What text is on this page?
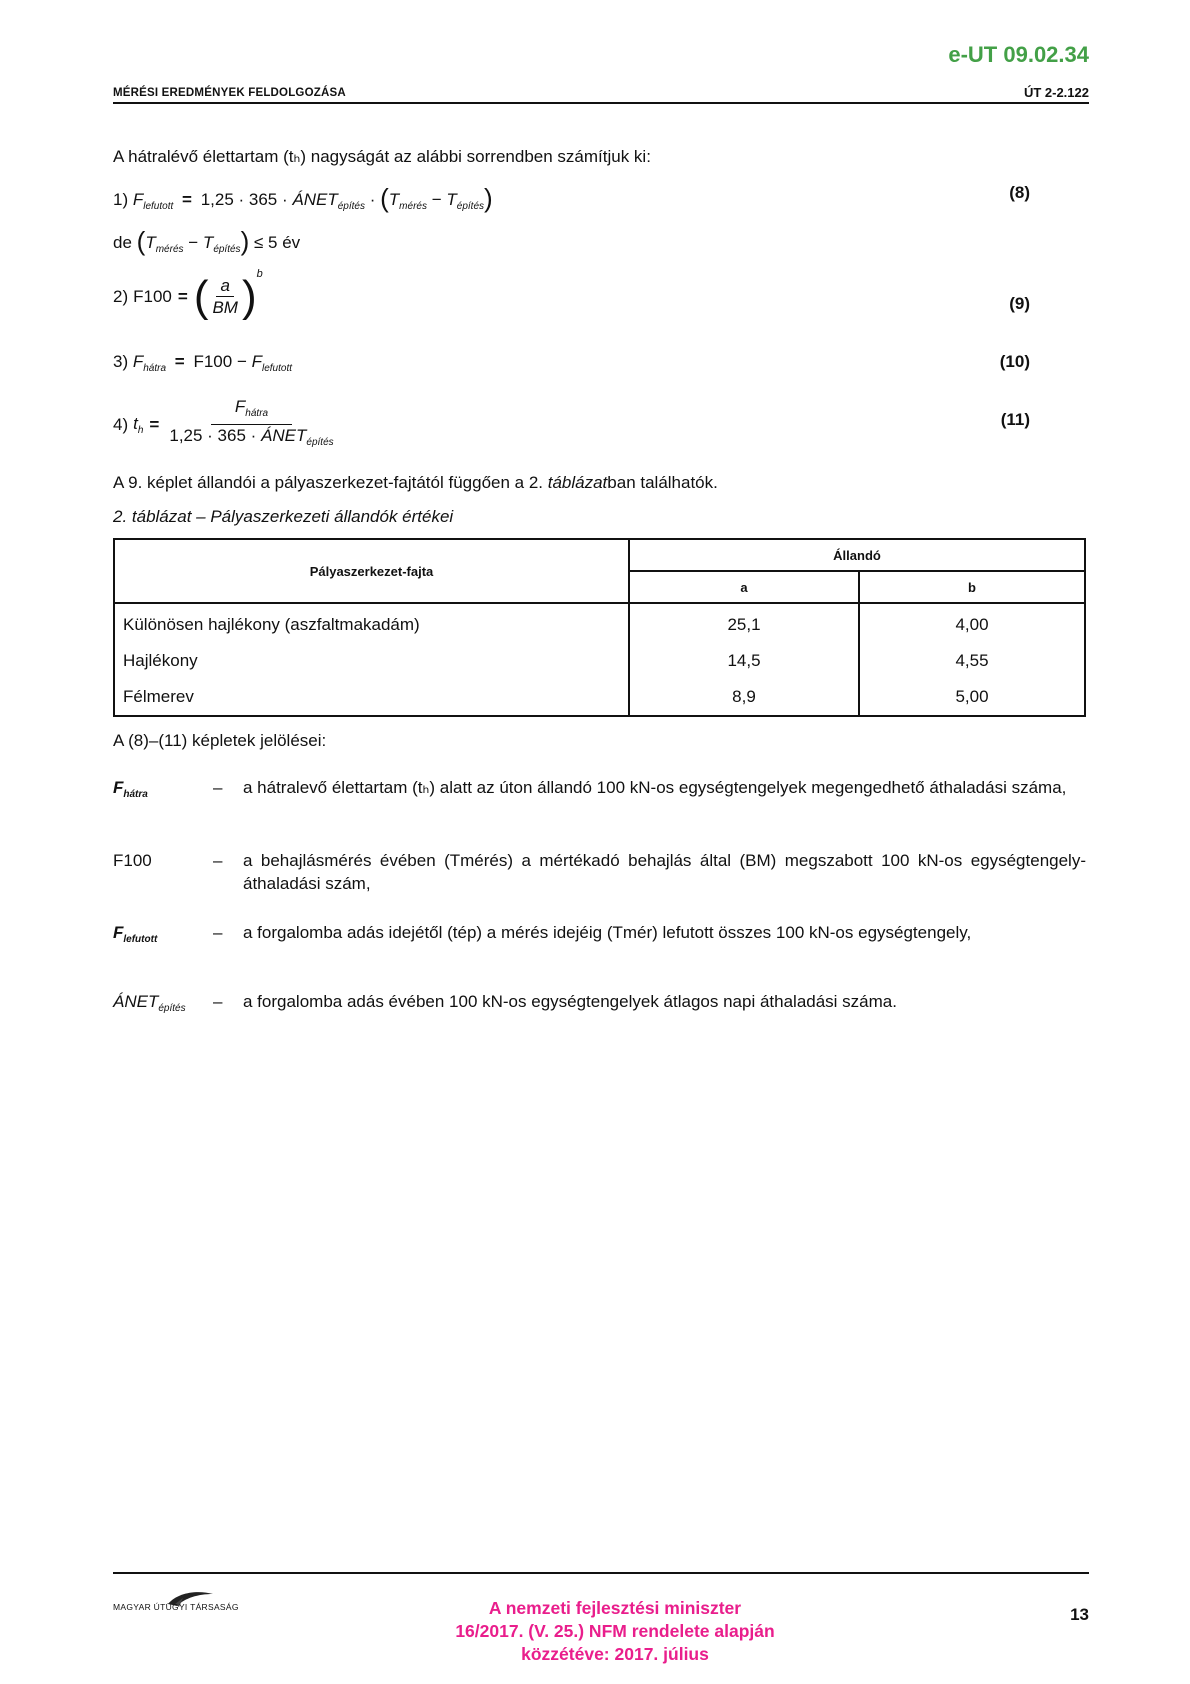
e-UT 09.02.34
MÉRÉSI EREDMÉNYEK FELDOLGOZÁSA	ÚT 2-2.122
A hátralévő élettartam (tₕ) nagyságát az alábbi sorrendben számítjuk ki:
1) $F_{lefutott} = 1,25 \cdot 365$ · $ÁNET_{építés} \cdot (T_{mérés} - T_{építés})$	(8)
de $(T_{mérés} - T_{építés}) \le 5$ év
2) F100 = ( $\frac{a}{BM}$ ) b
(9)
3) $F_{hátra} = F100 - F_{lefutott}$	(10)
4) $t_h = \frac{F_{hátra}}{1,25 \cdot 365 \cdot ÁNET_{építés}}$	(11)
A 9. képlet állandói a pályaszerkezet-fajtától függően a 2. táblázatban találhatók.
2. táblázat – Pályaszerkezeti állandók értékei
Pályaszerkezet-fajta	Állandó	
	a	b
Különösen hajlékony (aszfaltmakadám)	25,1	4,00
Hajlékony	14,5	4,55
Félmerev	8,9	5,00
A (8)–(11) képletek jelölései:
$F_{hátra}$	– a hátralevő élettartam (tₕ) alatt az úton állandó 100 kN-os egységtengelyek megengedhető áthaladási száma,
F100	– a behajlásmérés évében (Tmérés) a mértékadó behajlás által (BM) megszabott 100 kN-os egységtengely-áthaladási szám,
$F_{lefutott}$	– a forgalomba adás idejétől (tép) a mérés idejéig (Tmér) lefutott összes 100 kN-os egységtengely,
$ÁNET_{építés}$ – a forgalomba adás évében 100 kN-os egységtengelyek átlagos napi áthaladási száma.
MAGYAR ÚTÜGYI TÁRSASÁG	A nemzeti fejlesztési miniszter
16/2017. (V. 25.) NFM rendelete alapján
közzétéve: 2017. július
13
